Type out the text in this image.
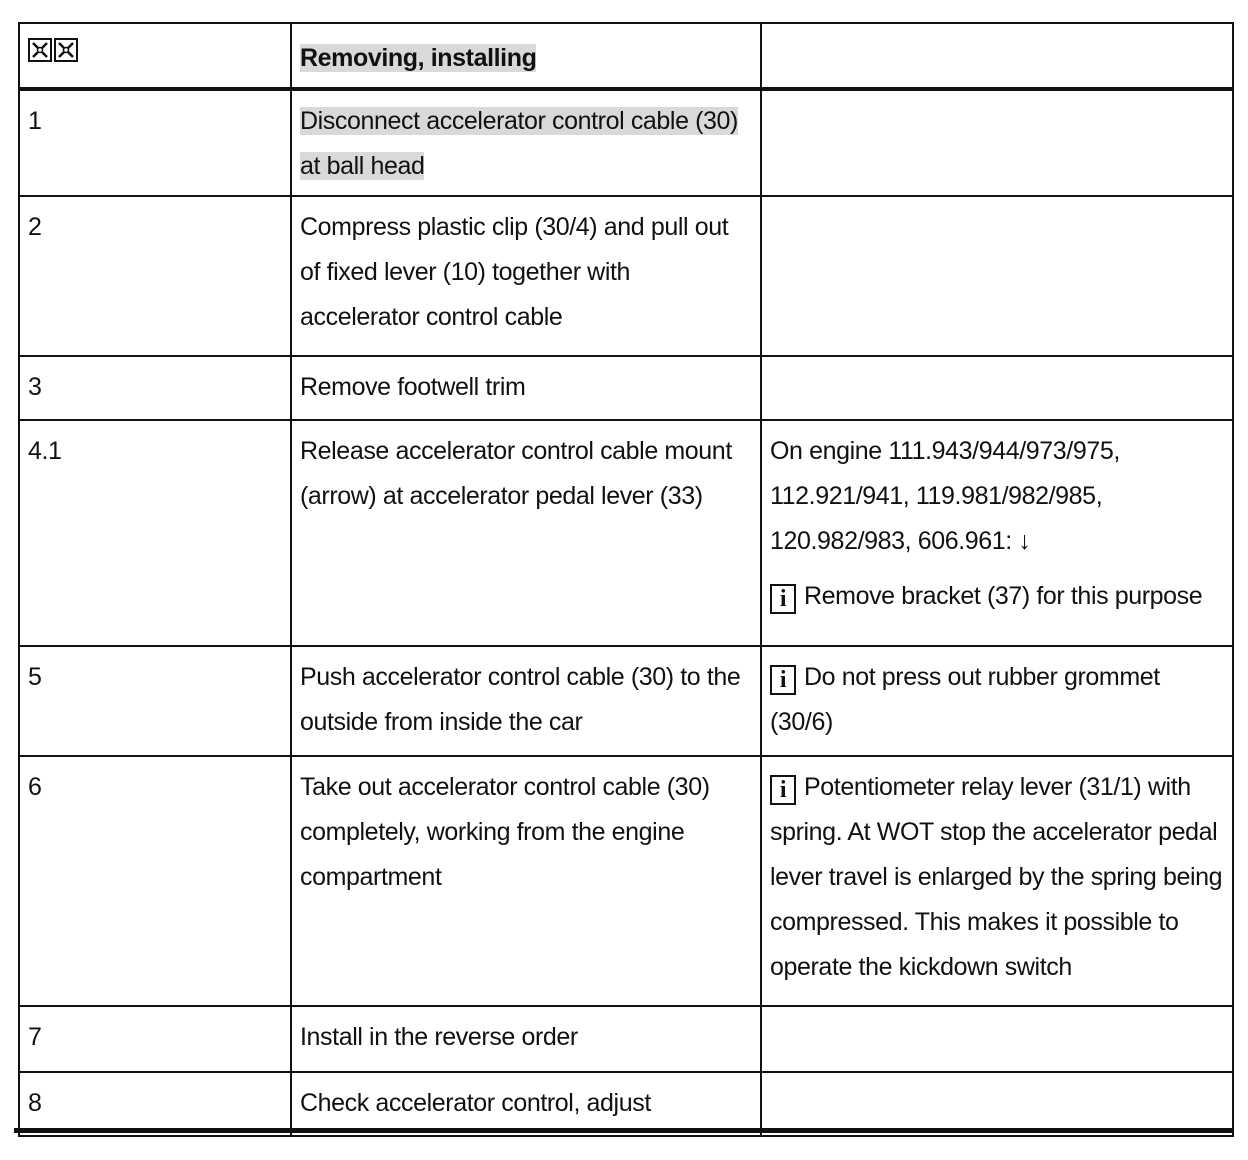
Removing, installing	

1	Disconnect accelerator control cable (30) at ball head	

2	Compress plastic clip (30/4) and pull out of fixed lever (10) together with accelerator control cable	

3	Remove footwell trim	

4.1	Release accelerator control cable mount (arrow) at accelerator pedal lever (33)	On engine 111.943/944/973/975, 112.921/941, 119.981/982/985, 120.982/983, 606.961: ↓
i Remove bracket (37) for this purpose

5	Push accelerator control cable (30) to the outside from inside the car	i Do not press out rubber grommet (30/6)

6	Take out accelerator control cable (30) completely, working from the engine compartment	i Potentiometer relay lever (31/1) with spring. At WOT stop the accelerator pedal lever travel is enlarged by the spring being compressed. This makes it possible to operate the kickdown switch

7	Install in the reverse order	

8	Check accelerator control, adjust	
